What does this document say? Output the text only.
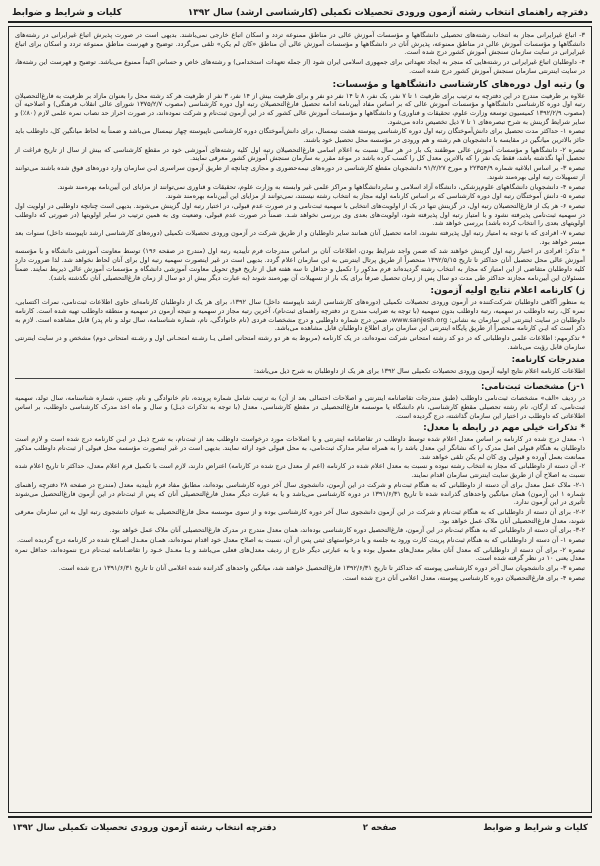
دفترچه راهنمای انتخاب رشته آزمون ورودی تحصیلات تکمیلی (کارشناسی ارشد) سال ۱۳۹۲
کلیات و شرایط و ضوابط

۳- اتباع غیرایرانی مجاز به انتخاب رشته‌های تحصیلی دانشگاهها و مؤسسات آموزش عالی در مناطق ممنوعه تردد و اسکان اتباع خارجی نمی‌باشند. بدیهی است در صورت پذیرش اتباع غیرایرانی در رشته‌های دانشگاهها و مؤسسات آموزش عالی در مناطق ممنوعه، پذیرش آنان در دانشگاهها و مؤسسات آموزش عالی آن مناطق «کان لم یکن» تلقی می‌گردد. توضیح و فهرست مناطق ممنوعه تردد و اسکان برای اتباع غیرایرانی در سایت سازمان سنجش آموزش کشور درج شده است.

۴- داوطلبان اتباع غیرایرانی در رشته‌هایی که منجر به ایجاد تعهداتی برای جمهوری اسلامی ایران شود (از جمله تعهدات استخدامی) و رشته‌های خاص و حساس اکیداً ممنوع می‌باشد. توضیح و فهرست این رشته‌ها، در سایت اینترنتی سازمان سنجش آموزش کشور درج شده است.

و) رتبه اول دوره‌های کارشناسی دانشگاهها و مؤسسات:

علاوه بر ظرفیت مندرج در این دفترچه به ترتیب برای ظرفیت ۱ تا ۷ نفر، یک نفر، ۸ تا ۱۴ نفر دو نفر و برای ظرفیت بیش از ۱۴ نفر، ۳ نفر از ظرفیت هر کد رشته محل را بعنوان مازاد بر ظرفیت به فارغ‌التحصیلان رتبه اول دوره کارشناسی دانشگاهها و مؤسسات آموزش عالی که بر اساس مفاد آیین‌نامه ادامه تحصیل فارغ‌التحصیلان رتبه اول دوره کارشناسی (مصوب ۱۳۷۵/۲/۷ شورای عالی انقلاب فرهنگی) و اصلاحیه آن (مصوب ۱۳۹۲/۲/۹ کمیسیون توسعه وزارت علوم، تحقیقات و فناوری) و دانشگاهها و مؤسسات آموزش عالی کشور که در این آزمون ثبت‌نام و شرکت نموده‌اند، در صورت احراز حد نصاب نمره علمی لازم (۸۰٪) و سایر شرایط گزینش به شرح تبصره‌های ۱ تا ۷ ذیل تخصیص داده می‌شود.

تبصره ۱- حداکثر مدت تحصیل برای دانش‌آموختگان رتبه اول دوره کارشناسی پیوسته هشت نیمسال، برای دانش‌آموختگان دوره کارشناسی ناپیوسته چهار نیمسال می‌باشد و ضمناً به لحاظ میانگین کل، داوطلب باید حائز بالاترین میانگین در مقایسه با دانشجویان هم رشته و هم ورودی در مؤسسه محل تحصیل خود باشند.

تبصره ۲- دانشگاهها و مؤسسات آموزش عالی موظفند یک بار در هر سال نسبت به اعلام اسامی فارغ‌التحصیلان رتبه اول کلیه رشته‌های آموزشی خود در مقطع کارشناسی که بیش از سال از تاریخ فراغت از تحصیل آنها نگذشته باشد، فقط یک نفر را که بالاترین معدل کل را کسب کرده باشد در موعد مقرر به سازمان سنجش آموزش کشور معرفی نمایند.

تبصره ۳- بر اساس ابلاغیه شماره ۲۲۳۵۴/۹ و مورخ ۹۱/۲/۲۷ دانشجویان مقطع کارشناسی در دوره‌های نیمه‌حضوری و مجازی چنانچه از طریق آزمون سراسری ایـن سازمان وارد دوره‌های فوق شده باشند می‌توانند از تسهیلات رتبه اولی بهره‌مند شوند.

تبصره ۴- دانشجویان دانشگاههای علوم‌پزشکی، دانشگاه آزاد اسلامی و سایردانشگاهها و مراکز علمی غیر وابسته به وزارت علوم، تحقیقات و فناوری نمی‌توانند از مزایای این آیین‌نامه بهره‌مند شوند.

تبصره ۵- دانش آموختگان رتبه اول دوره کارشناسی که بر اساس کارنامه اولیه مجاز به انتخاب رشته نیستند، نمی‌توانند از مزایای این آیین‌نامه بهره‌مند شوند.

تبصره ۶- هر یک از فارغ‌التحصیلان رتبه اول، در گزینش تنها در یک از اولویت‌های انتخابی با سهمیه ثبت‌نامی و در صورت عدم قبولی، در اختیار رتبه اول گزینش می‌شوند. بدیهی است چنانچه داوطلبی در اولویت اول در سهمیه ثبت‌نامی پذیرفته نشود و با امتیاز رتبه اول پذیرفته شود، اولویت‌های بعدی وی بررسی نخواهد شـد. ضمناً در صورت عدم قبولی، وضعیت وی به همین ترتیب در سایر اولویتها (در صورتی که داوطلب اولویتهای بعدی را انتخاب کرده باشد) بررسی خواهد شد.

تبصره ۷- افرادی که با توجه به امتیاز رتبه اول پذیرفته نشوند، ادامه تحصیل آنان همانند سایر داوطلبان و از طریق شرکت در آزمون ورودی تحصیلات تکمیلی (دوره‌های کارشناسی ارشد ناپیوسته داخل) سنوات بعد میسر خواهد بود.

* تذکر: افرادی در اختیار رتبه اول گزینش خواهند شد که ضمن واجد شرایط بودن، اطلاعات آنان بر اساس مندرجات فرم تأییدیه رتبه اول (مندرج در صفحه ۱۹۶) توسط معاونت آموزشی دانشگاه و یا مؤسسه آموزش عالی محل تحصیل آنان حداکثر تا تاریخ ۱۳۹۲/۵/۱۵ منحصراً از طریق پرتال اینترنتی به این سازمان اعلام گردد. بدیهی است در غیر اینصورت سهمیه رتبه اول برای آنان لحاظ نخواهد شد. لذا ضرورت دارد کلیه داوطلبان متقاضی از این امتیاز که مجاز به انتخاب رشته گردیده‌اند فرم مذکور را تکمیل و حداقل تا سه هفته قبل از تاریخ فوق تحویل معاونت آموزشی دانشگاه و مؤسسات آموزش عالی ذیربط نمایند. ضمناً مسئولان این آیین‌نامه مجازند حداکثر طی مدت دو سال پس از زمان تحصیل صرفاً برای یک بار از تسهیلات آن بهره‌مند شوند (به عبارت دیگر بیش از دو سال از زمان فارغ‌التحصیلی آنان نگذشته باشد).

ز) کارنامه اعلام نتایج اولیه آزمون:

به منظور آگاهی داوطلبان شرکت‌کننده در آزمون ورودی تحصیلات تکمیلی (دوره‌های کارشناسی ارشد ناپیوسته داخل) سال ۱۳۹۲، برای هر یک از داوطلبان کارنامه‌ای حاوی اطلاعات ثبت‌نامی، نمرات اکتسابی، نمره کل، رتبه داوطلب در سهمیه، رتبه داوطلب بدون سهمیه (با توجه به ضرایب مندرج در دفترچه راهنمای ثبت‌نام)، آخرین رتبه مجاز در سهمیه و نتیجه آزمون در سهمیه و منطقه داوطلب تهیه شده است. کارنامه داوطلبان در سایت اینترنتی این سازمان به نشانی: www.sanjesh.org، ضمن درج شماره داوطلبی و درج مشخصات فردی (نام خانوادگی، نام، شماره شناسنامه، سال تولد و نام پدر) قابل مشاهده است. لازم به ذکر است که ایـن کارنامه منحصراً از طریق پایگاه اینترنتی این سازمان برای اطلاع داوطلبان قابل مشاهده می‌باشد.

* تذکرمهم: اطلاعات علمی داوطلبانی که در دو کد رشته امتحانی شرکت نموده‌اند، در یک کارنامه (مربوط به هر دو رشته امتحانی اصلی یـا رشـته امتحـانی اول و رشـته امتحانی دوم) مشخص و در سایت اینترنتی سازمان قابل رؤیت می‌باشد.

مندرجات کارنامه:

اطلاعات کارنامه اعلام نتایج اولیه آزمون ورودی تحصیلات تکمیلی سال ۱۳۹۲ برای هر یک از داوطلبان به شرح ذیل می‌باشد:

۱-ز) مشخصات ثبت‌نامی:

در ردیف «الف» مشخصات ثبت‌نامی داوطلب (طبق مندرجات تقاضانامه اینترنتی و اصلاحات احتمالی بعد از آن) به ترتیب شامل شماره پرونده، نام خانوادگی و نام، جنس، شماره شناسنامه، سال تولد، سهمیه ثبت‌نامی، کد ارگان، نام رشته تحصیلی مقطع کارشناسی، نام دانشگاه یا موسسه فارغ‌التحصیلی در مقطع کارشناسی، معدل (با توجه به تذکرات ذیـل) و سال و ماه اخذ مدرک کارشناسی داوطلب، بر اساس اطلاعاتی که داوطلب در اختیار این سازمان گذاشته، درج گردیده است.

* تذکرات خیلی مهم در رابطه با معدل:

۱- معدل درج شده در کارنامه بر اساس معدل اعلام شده توسط داوطلب در تقاضانامه اینترنتی و یا اصلاحات مورد درخواست داوطلب بعد از ثبت‌نام، به شرح ذیـل در ایـن کارنامه درج شده است و لازم است داوطلبان به هنگام قبولی اصل مدرک را که نشانگر این معدل باشد را به همراه سایر مدارک ثبت‌نامی، به محل قبولی خود ارائه نمایند. بدیهی است در غیر اینصورت مؤسسه محل قبولی از ثبت‌نام داوطلب مذکور ممانعت بعمل آورده و قبولی وی کان لم یکن تلقی خواهد شد.

۲- آن دسته از داوطلبانی که مجاز به انتخاب رشته نبوده و نسبت به معدل اعلام شده در کارنامه (اعم از معدل درج شده در کارنامه) اعتراض دارند، لازم است با تکمیل فرم اعلام معدل، حداکثر تا تاریخ اعلام شده نسبت به اصلاح آن از طریق سایت اینترنتی سازمان اقدام نمایند.

۲-۱- ملاک عمل معدل برای آن دسته از داوطلبانی که به هنگام ثبت‌نام و شرکت در این آزمون، دانشجوی سال آخر دوره کارشناسی بوده‌اند، مطابق مفاد فرم تأییدیه معدل (مندرج در صفحه ۲۸ دفترچه راهنمای شماره ۱ این آزمون) همان میانگین واحدهای گذرانده شده تا تاریخ ۱۳۹۱/۶/۳۱ در دوره کارشناسی می‌باشد و یا به عبارت دیگر معدل فارغ‌التحصیلی آنان که پس از ثبت‌نام در این آزمون فارغ‌التحصیل می‌شوند تأثیری در این آزمون ندارد.

۲-۲- برای آن دسته از داوطلبانی که به هنگام ثبت‌نام و شرکت در این آزمون دانشجوی سال آخر دوره کارشناسی بوده و از سوی موسسه محل فارغ‌التحصیلی به عنوان دانشجوی رتبه اول به این سازمان معرفی شوند، معدل فارغ‌التحصیلی آنان ملاک عمل خواهد بود.

۳-۲- برای آن دسته از داوطلبانی که به هنگام ثبت‌نام در این آزمون، فارغ‌التحصیل دوره کارشناسی بوده‌اند، همان معدل مندرج در مدرک فارغ‌التحصیلی آنان ملاک عمل خواهد بود.

تبصره ۱- آن دسته از داوطلبانی که به هنگام ثبت‌نام پرینت کارت ورود به جلسه و یا درخواستهای ثبتی پس از آن، نسبت به اصلاح معدل خود اقدام نموده‌اند، همـان معـدل اصـلاح شده در کارنامه درج گردیده است.

تبصره ۲- برای آن دسته از داوطلبانی که معدل آنان مغایر معدل‌های معمول بوده و یا به عبارتی دیگر خارج از ردیف معدل‌های فعلی می‌باشد و یـا معـدل خـود را تقاضـانامه ثبت‌نام درج ننموده‌اند، حداقل نمره معدل یعنی ۱۰ در نظر گرفته شده است.

تبصره ۳- برای دانشجویان سال آخر دوره کارشناسی پیوسته که حداکثر تا تاریخ ۱۳۹۲/۶/۳۱ فارغ‌التحصیل خواهند شد، میانگین واحدهای گذرانده شده اعلامی آنان تا تاریخ ۱۳۹۱/۶/۳۱ درج شده است.

تبصره ۴- برای فارغ‌التحصیلان دوره کارشناسی پیوسته، معدل اعلامی آنان درج شده است.

کلیات و شرایط و ضوابط
صفحه ۲
دفترچه انتخاب رشته آزمون ورودی تحصیلات تکمیلی سال ۱۳۹۲
